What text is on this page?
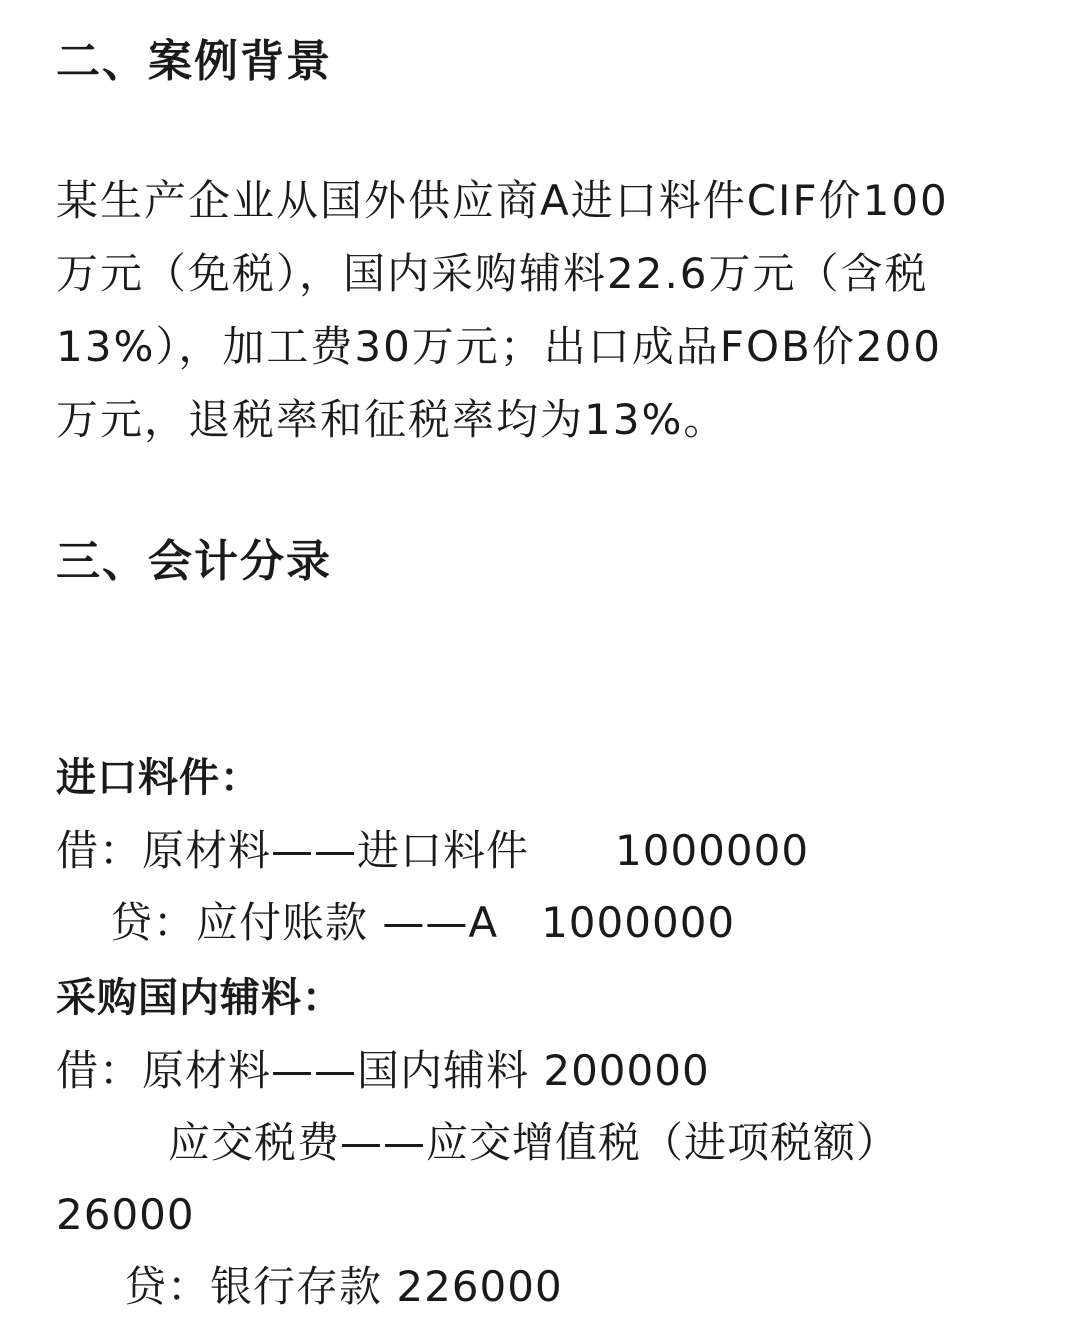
二、案例背景
某生产企业从国外供应商A进口料件CIF价100
万元（免税），国内采购辅料22.6万元（含税
13%），加工费30万元；出口成品FOB价200
万元，退税率和征税率均为13%。
三、会计分录
进口料件：
借：原材料——进口料件　　1000000
贷：应付账款 ——A　1000000
采购国内辅料：
借：原材料——国内辅料 200000
应交税费——应交增值税（进项税额）
26000
贷：银行存款 226000
